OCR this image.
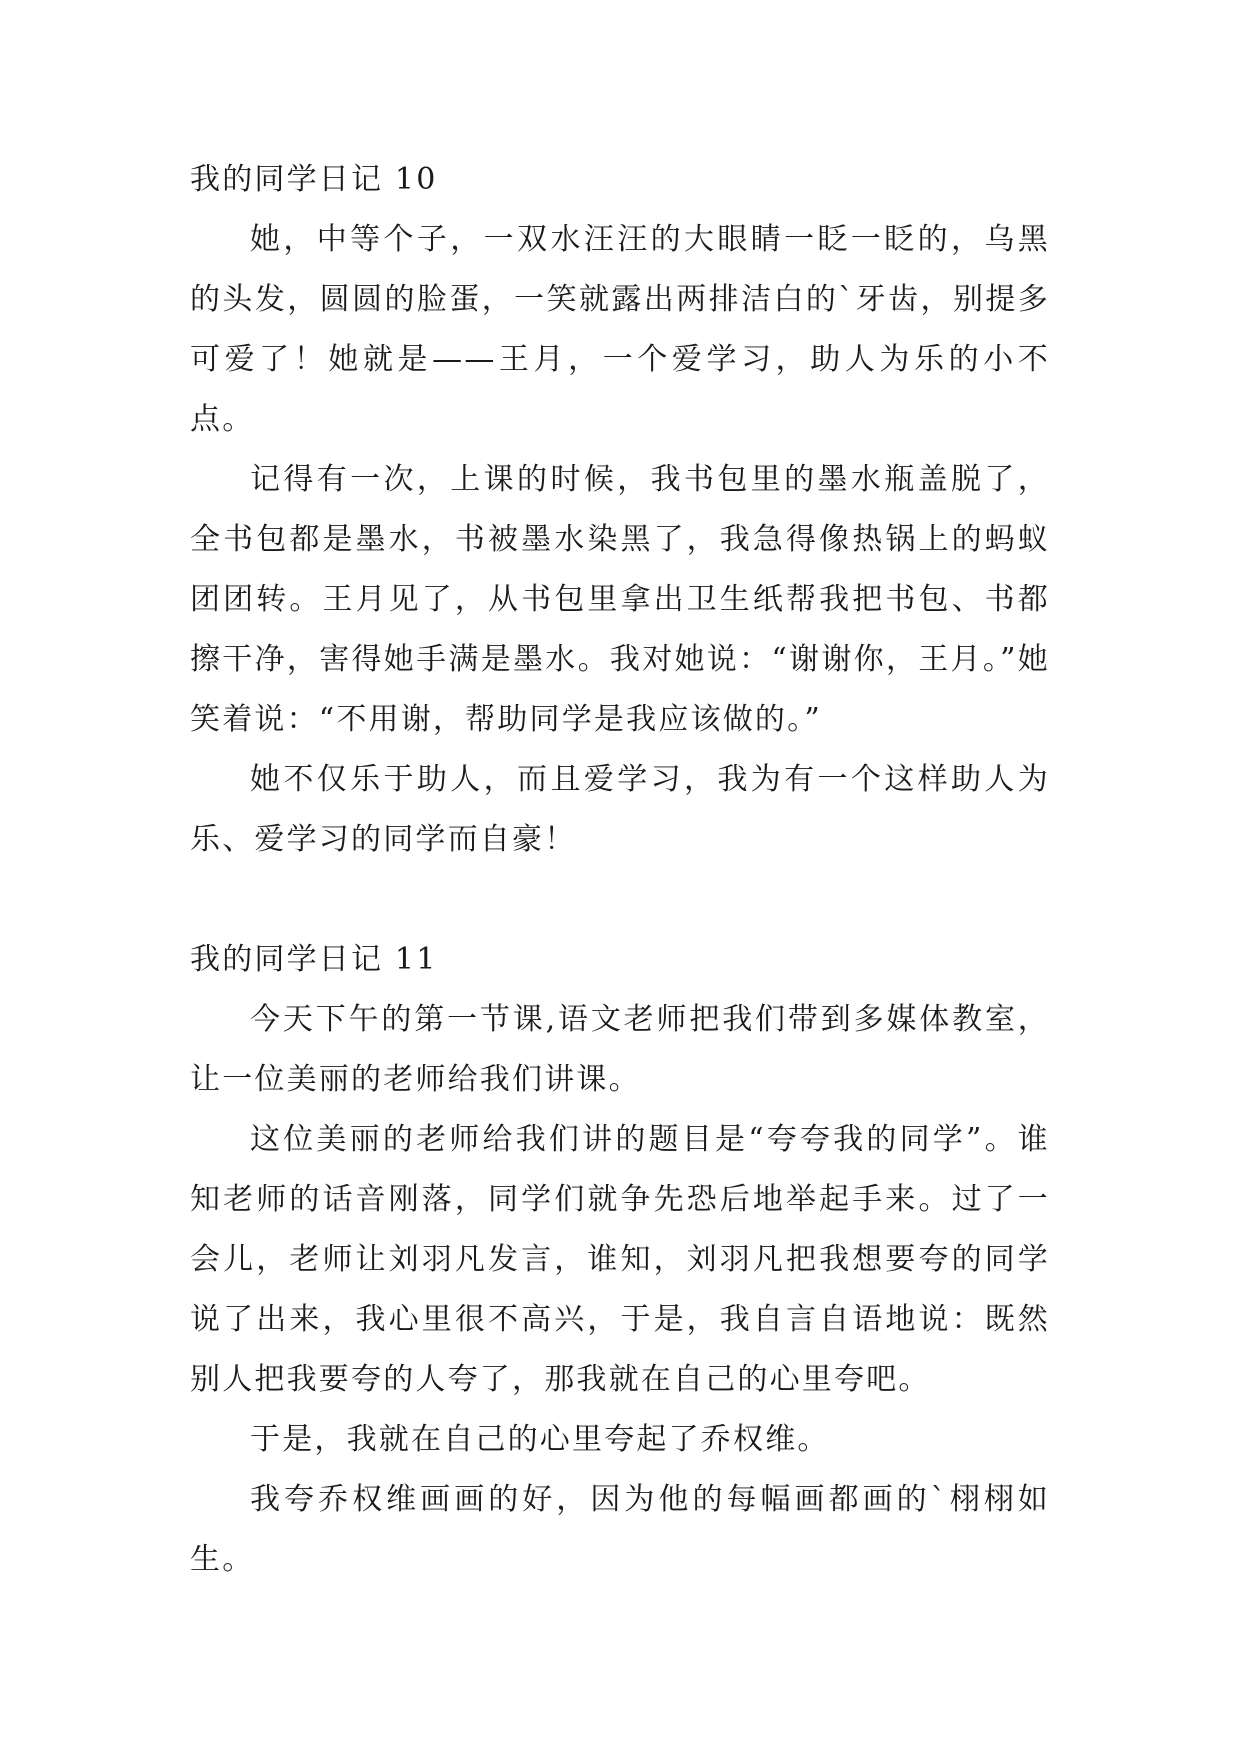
我的同学日记 10

她，中等个子，一双水汪汪的大眼睛一眨一眨的，乌黑的头发，圆圆的脸蛋，一笑就露出两排洁白的`牙齿，别提多可爱了！她就是——王月，一个爱学习，助人为乐的小不点。

记得有一次，上课的时候，我书包里的墨水瓶盖脱了，全书包都是墨水，书被墨水染黑了，我急得像热锅上的蚂蚁团团转。王月见了，从书包里拿出卫生纸帮我把书包、书都擦干净，害得她手满是墨水。我对她说：“谢谢你，王月。”她笑着说：“不用谢，帮助同学是我应该做的。”

她不仅乐于助人，而且爱学习，我为有一个这样助人为乐、爱学习的同学而自豪！

我的同学日记 11

今天下午的第一节课,语文老师把我们带到多媒体教室，让一位美丽的老师给我们讲课。

这位美丽的老师给我们讲的题目是“夸夸我的同学”。谁知老师的话音刚落，同学们就争先恐后地举起手来。过了一会儿，老师让刘羽凡发言，谁知，刘羽凡把我想要夸的同学说了出来，我心里很不高兴，于是，我自言自语地说：既然别人把我要夸的人夸了，那我就在自己的心里夸吧。

于是，我就在自己的心里夸起了乔权维。

我夸乔权维画画的好，因为他的每幅画都画的`栩栩如生。
